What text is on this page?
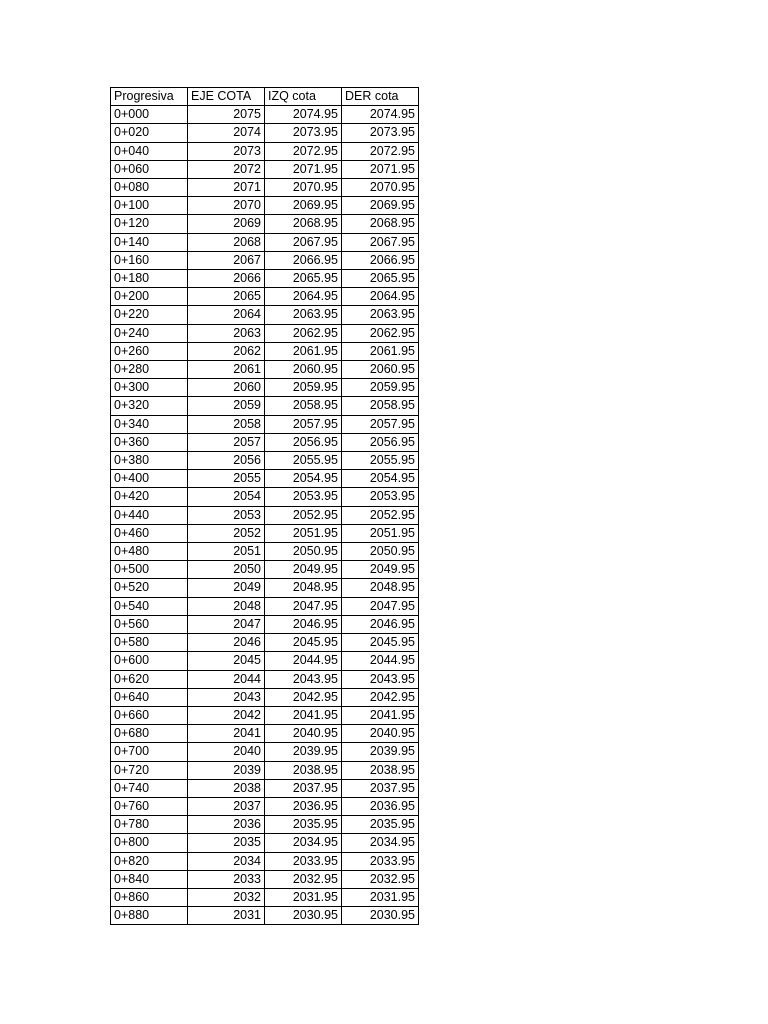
Progresiva	EJE COTA	IZQ cota	DER cota
0+000	2075	2074.95	2074.95
0+020	2074	2073.95	2073.95
0+040	2073	2072.95	2072.95
0+060	2072	2071.95	2071.95
0+080	2071	2070.95	2070.95
0+100	2070	2069.95	2069.95
0+120	2069	2068.95	2068.95
0+140	2068	2067.95	2067.95
0+160	2067	2066.95	2066.95
0+180	2066	2065.95	2065.95
0+200	2065	2064.95	2064.95
0+220	2064	2063.95	2063.95
0+240	2063	2062.95	2062.95
0+260	2062	2061.95	2061.95
0+280	2061	2060.95	2060.95
0+300	2060	2059.95	2059.95
0+320	2059	2058.95	2058.95
0+340	2058	2057.95	2057.95
0+360	2057	2056.95	2056.95
0+380	2056	2055.95	2055.95
0+400	2055	2054.95	2054.95
0+420	2054	2053.95	2053.95
0+440	2053	2052.95	2052.95
0+460	2052	2051.95	2051.95
0+480	2051	2050.95	2050.95
0+500	2050	2049.95	2049.95
0+520	2049	2048.95	2048.95
0+540	2048	2047.95	2047.95
0+560	2047	2046.95	2046.95
0+580	2046	2045.95	2045.95
0+600	2045	2044.95	2044.95
0+620	2044	2043.95	2043.95
0+640	2043	2042.95	2042.95
0+660	2042	2041.95	2041.95
0+680	2041	2040.95	2040.95
0+700	2040	2039.95	2039.95
0+720	2039	2038.95	2038.95
0+740	2038	2037.95	2037.95
0+760	2037	2036.95	2036.95
0+780	2036	2035.95	2035.95
0+800	2035	2034.95	2034.95
0+820	2034	2033.95	2033.95
0+840	2033	2032.95	2032.95
0+860	2032	2031.95	2031.95
0+880	2031	2030.95	2030.95
